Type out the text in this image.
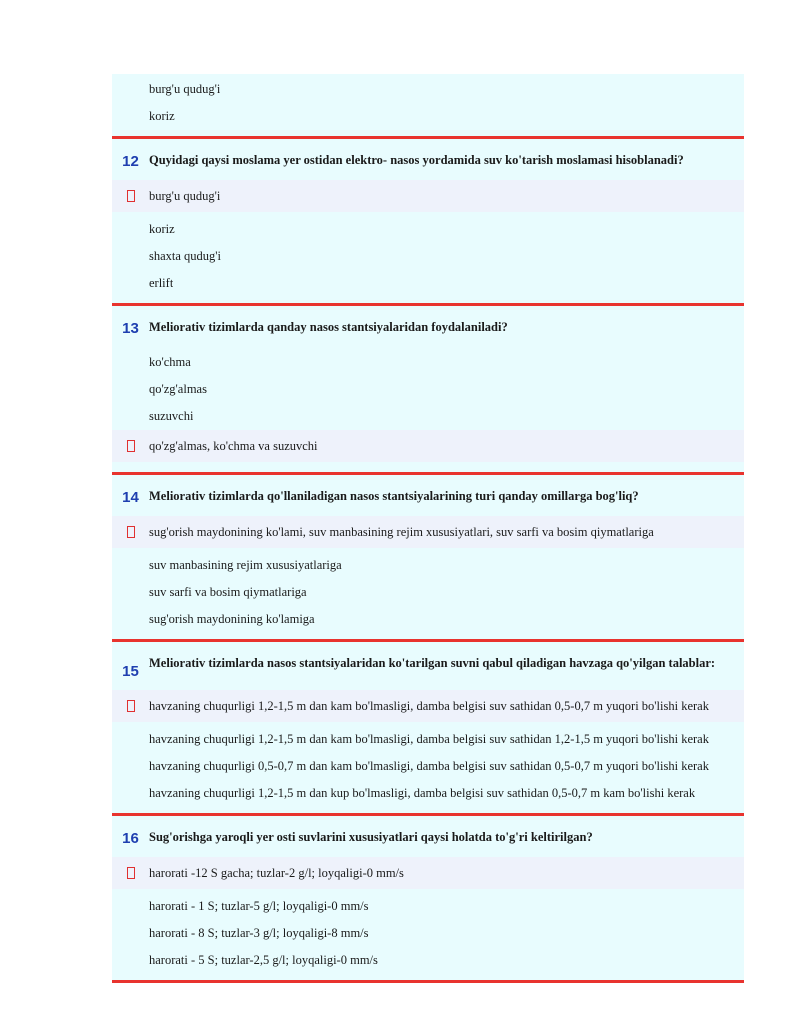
burg'u qudug'i
koriz
12 Quyidagi qaysi moslama yer ostidan elektro- nasos yordamida suv ko'tarish moslamasi hisoblanadi?
burg'u qudug'i
koriz
shaxta qudug'i
erlift
13 Meliorativ tizimlarda qanday nasos stantsiyalaridan foydalaniladi?
ko'chma
qo'zg'almas
suzuvchi
qo'zg'almas, ko'chma va suzuvchi
14 Meliorativ tizimlarda qo'llaniladigan nasos stantsiyalarining turi qanday omillarga bog'liq?
sug'orish maydonining ko'lami, suv manbasining rejim xususiyatlari, suv sarfi va bosim qiymatlariga
suv manbasining rejim xususiyatlariga
suv sarfi va bosim qiymatlariga
sug'orish maydonining ko'lamiga
15 Meliorativ tizimlarda nasos stantsiyalaridan ko'tarilgan suvni qabul qiladigan havzaga qo'yilgan talablar:
havzaning chuqurligi 1,2-1,5 m dan kam bo'lmasligi, damba belgisi suv sathidan 0,5-0,7 m yuqori bo'lishi kerak
havzaning chuqurligi 1,2-1,5 m dan kam bo'lmasligi, damba belgisi suv sathidan 1,2-1,5 m yuqori bo'lishi kerak
havzaning chuqurligi 0,5-0,7 m dan kam bo'lmasligi, damba belgisi suv sathidan 0,5-0,7 m yuqori bo'lishi kerak
havzaning chuqurligi 1,2-1,5 m dan kup bo'lmasligi, damba belgisi suv sathidan 0,5-0,7 m kam bo'lishi kerak
16 Sug'orishga yaroqli yer osti suvlarini xususiyatlari qaysi holatda to'g'ri keltirilgan?
harorati -12 S gacha; tuzlar-2 g/l; loyqaligi-0 mm/s
harorati - 1 S; tuzlar-5 g/l; loyqaligi-0 mm/s
harorati - 8 S; tuzlar-3 g/l; loyqaligi-8 mm/s
harorati - 5 S; tuzlar-2,5 g/l; loyqaligi-0 mm/s
